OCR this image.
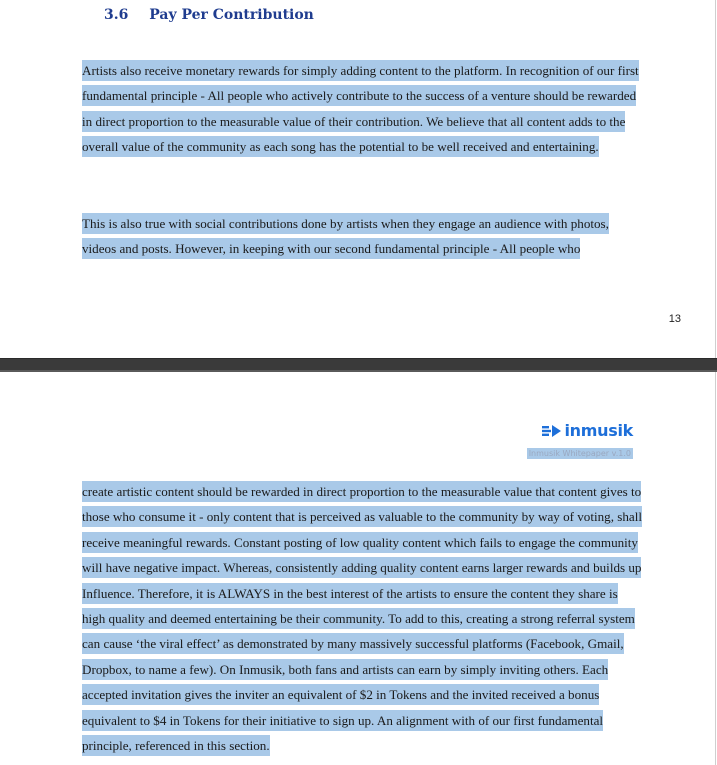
3.6 Pay Per Contribution

Artists also receive monetary rewards for simply adding content to the platform. In recognition of our first fundamental principle - All people who actively contribute to the success of a venture should be rewarded in direct proportion to the measurable value of their contribution. We believe that all content adds to the overall value of the community as each song has the potential to be well received and entertaining.

This is also true with social contributions done by artists when they engage an audience with photos, videos and posts. However, in keeping with our second fundamental principle - All people who

13
inmusik
Inmusik Whitepaper v.1.0

create artistic content should be rewarded in direct proportion to the measurable value that content gives to those who consume it - only content that is perceived as valuable to the community by way of voting, shall receive meaningful rewards. Constant posting of low quality content which fails to engage the community will have negative impact. Whereas, consistently adding quality content earns larger rewards and builds up Influence. Therefore, it is ALWAYS in the best interest of the artists to ensure the content they share is high quality and deemed entertaining be their community. To add to this, creating a strong referral system can cause ‘the viral effect’ as demonstrated by many massively successful platforms (Facebook, Gmail, Dropbox, to name a few). On Inmusik, both fans and artists can earn by simply inviting others. Each accepted invitation gives the inviter an equivalent of $2 in Tokens and the invited received a bonus equivalent to $4 in Tokens for their initiative to sign up. An alignment with of our first fundamental principle, referenced in this section.
